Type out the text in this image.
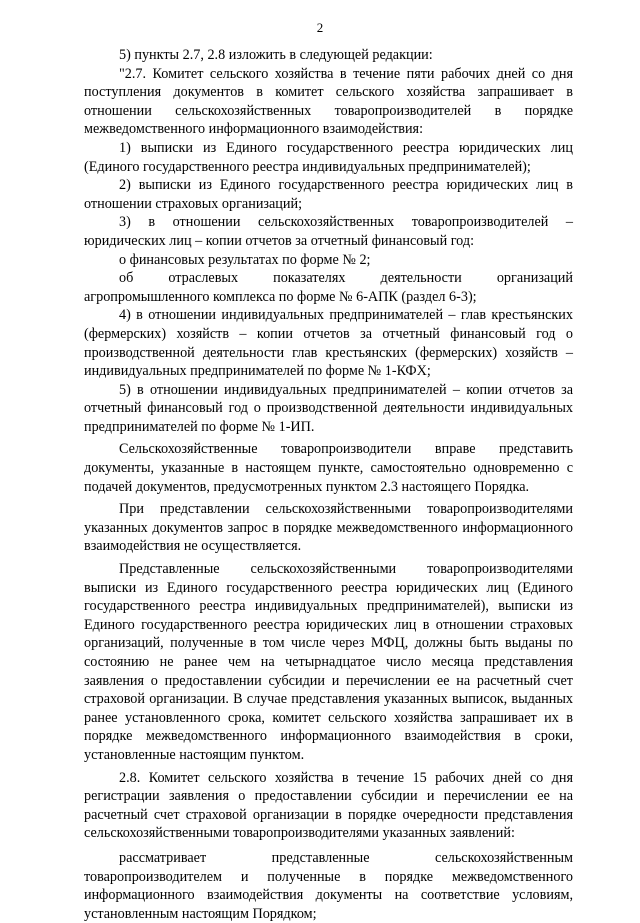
2

5) пункты 2.7, 2.8 изложить в следующей редакции:

"2.7. Комитет сельского хозяйства в течение пяти рабочих дней со дня поступления документов в комитет сельского хозяйства запрашивает в отношении сельскохозяйственных товаропроизводителей в порядке межведомственного информационного взаимодействия:

1) выписки из Единого государственного реестра юридических лиц (Единого государственного реестра индивидуальных предпринимателей);

2) выписки из Единого государственного реестра юридических лиц в отношении страховых организаций;

3) в отношении сельскохозяйственных товаропроизводителей – юридических лиц – копии отчетов за отчетный финансовый год:

о финансовых результатах по форме № 2;

об отраслевых показателях деятельности организаций агропромышленного комплекса по форме № 6-АПК (раздел 6-3);

4) в отношении индивидуальных предпринимателей – глав крестьянских (фермерских) хозяйств – копии отчетов за отчетный финансовый год о производственной деятельности глав крестьянских (фермерских) хозяйств – индивидуальных предпринимателей по форме № 1-КФХ;

5) в отношении индивидуальных предпринимателей – копии отчетов за отчетный финансовый год о производственной деятельности индивидуальных предпринимателей по форме № 1-ИП.

Сельскохозяйственные товаропроизводители вправе представить документы, указанные в настоящем пункте, самостоятельно одновременно с подачей документов, предусмотренных пунктом 2.3 настоящего Порядка.

При представлении сельскохозяйственными товаропроизводителями указанных документов запрос в порядке межведомственного информационного взаимодействия не осуществляется.

Представленные сельскохозяйственными товаропроизводителями выписки из Единого государственного реестра юридических лиц (Единого государственного реестра индивидуальных предпринимателей), выписки из Единого государственного реестра юридических лиц в отношении страховых организаций, полученные в том числе через МФЦ, должны быть выданы по состоянию не ранее чем на четырнадцатое число месяца представления заявления о предоставлении субсидии и перечислении ее на расчетный счет страховой организации. В случае представления указанных выписок, выданных ранее установленного срока, комитет сельского хозяйства запрашивает их в порядке межведомственного информационного взаимодействия в сроки, установленные настоящим пунктом.

2.8. Комитет сельского хозяйства в течение 15 рабочих дней со дня регистрации заявления о предоставлении субсидии и перечислении ее на расчетный счет страховой организации в порядке очередности представления сельскохозяйственными товаропроизводителями указанных заявлений:

рассматривает представленные сельскохозяйственным товаропроизводителем и полученные в порядке межведомственного информационного взаимодействия документы на соответствие условиям, установленным настоящим Порядком;
